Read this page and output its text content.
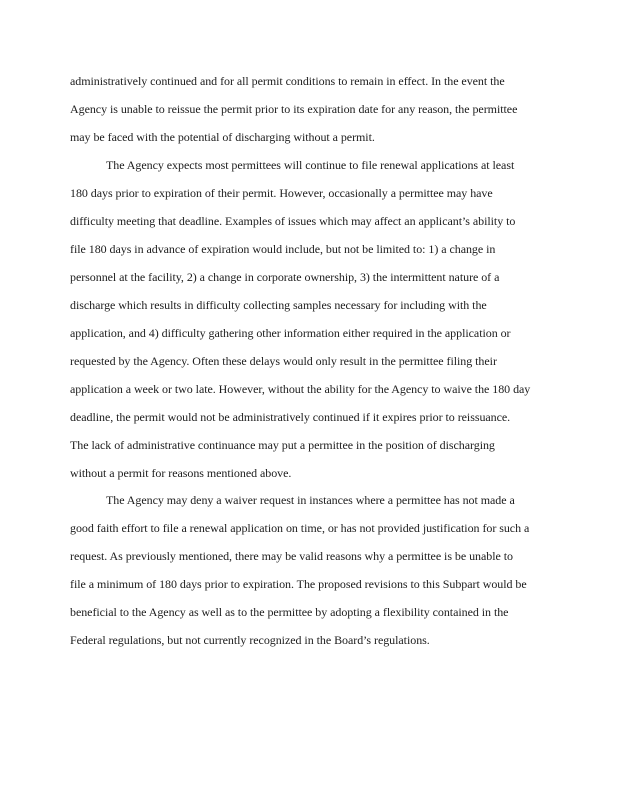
administratively continued and for all permit conditions to remain in effect. In the event the
Agency is unable to reissue the permit prior to its expiration date for any reason, the permittee
may be faced with the potential of discharging without a permit.
The Agency expects most permittees will continue to file renewal applications at least
180 days prior to expiration of their permit. However, occasionally a permittee may have
difficulty meeting that deadline. Examples of issues which may affect an applicant’s ability to
file 180 days in advance of expiration would include, but not be limited to: 1) a change in
personnel at the facility, 2) a change in corporate ownership, 3) the intermittent nature of a
discharge which results in difficulty collecting samples necessary for including with the
application, and 4) difficulty gathering other information either required in the application or
requested by the Agency. Often these delays would only result in the permittee filing their
application a week or two late. However, without the ability for the Agency to waive the 180 day
deadline, the permit would not be administratively continued if it expires prior to reissuance.
The lack of administrative continuance may put a permittee in the position of discharging
without a permit for reasons mentioned above.
The Agency may deny a waiver request in instances where a permittee has not made a
good faith effort to file a renewal application on time, or has not provided justification for such a
request. As previously mentioned, there may be valid reasons why a permittee is be unable to
file a minimum of 180 days prior to expiration. The proposed revisions to this Subpart would be
beneficial to the Agency as well as to the permittee by adopting a flexibility contained in the
Federal regulations, but not currently recognized in the Board’s regulations.
